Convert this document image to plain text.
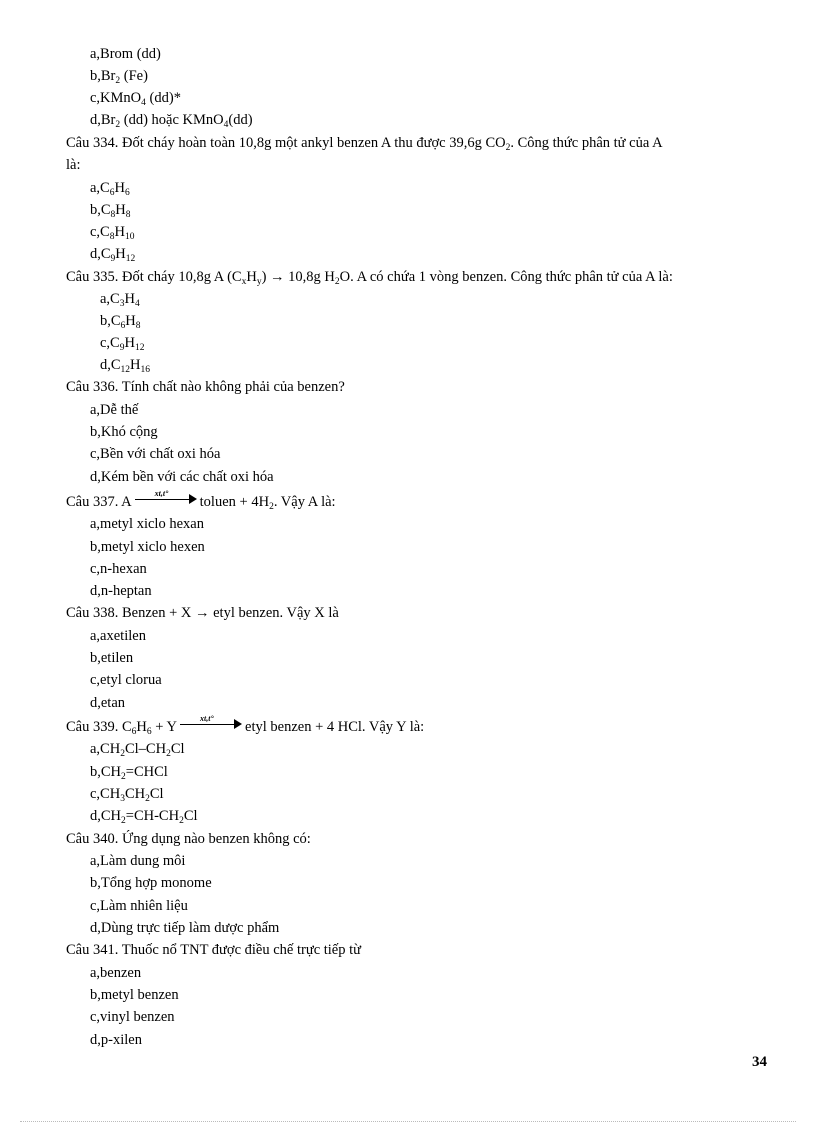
a,Brom (dd)
$b,Br_2$ (Fe)
c,KMnO$_4$ (dd)*
$d,Br_2$ (dd) hoặc KMnO$_4$(dd)
Câu 334. Đốt cháy hoàn toàn 10,8g một ankyl benzen A thu được 39,6g $CO_2$. Công thức phân tử của A
là:
$a,C_6H_6$
$b,C_8H_8$
$c,C_8H_{10}$
$d,C_9H_{12}$
Câu 335. Đốt cháy 10,8g A $(C_xH_y) \to 10,8g$ $H_2O$. A có chứa 1 vòng benzen. Công thức phân tử của A là:
$a,C_3H_4$
$b,C_6H_8$
$c,C_9H_{12}$
$d,C_{12}H_{16}$
Câu 336. Tính chất nào không phải của benzen?
a,Dễ thế
b,Khó cộng
c,Bền với chất oxi hóa
d,Kém bền với các chất oxi hóa
Câu 337. A
xt,t°
toluen + $4H_2$. Vậy A là:
a,metyl xiclo hexan
b,metyl xiclo hexen
c,n-hexan
d,n-heptan
Câu 338. Benzen + X → etyl benzen. Vậy X là
a,axetilen
b,etilen
c,etyl clorua
d,etan
Câu 339. $C_6H_6 + Y$
xt,t°
etyl benzen + 4 HCl. Vậy Y là:
$a,CH_2Cl-CH_2Cl$
$b,CH_2=CHCl$
$c,CH_3CH_2Cl$
$d,CH_2=CH-CH_2Cl$
Câu 340. Ứng dụng nào benzen không có:
a,Làm dung môi
b,Tổng hợp monome
c,Làm nhiên liệu
d,Dùng trực tiếp làm dược phẩm
Câu 341. Thuốc nổ TNT được điều chế trực tiếp từ
a,benzen
b,metyl benzen
c,vinyl benzen
d,p-xilen
34
